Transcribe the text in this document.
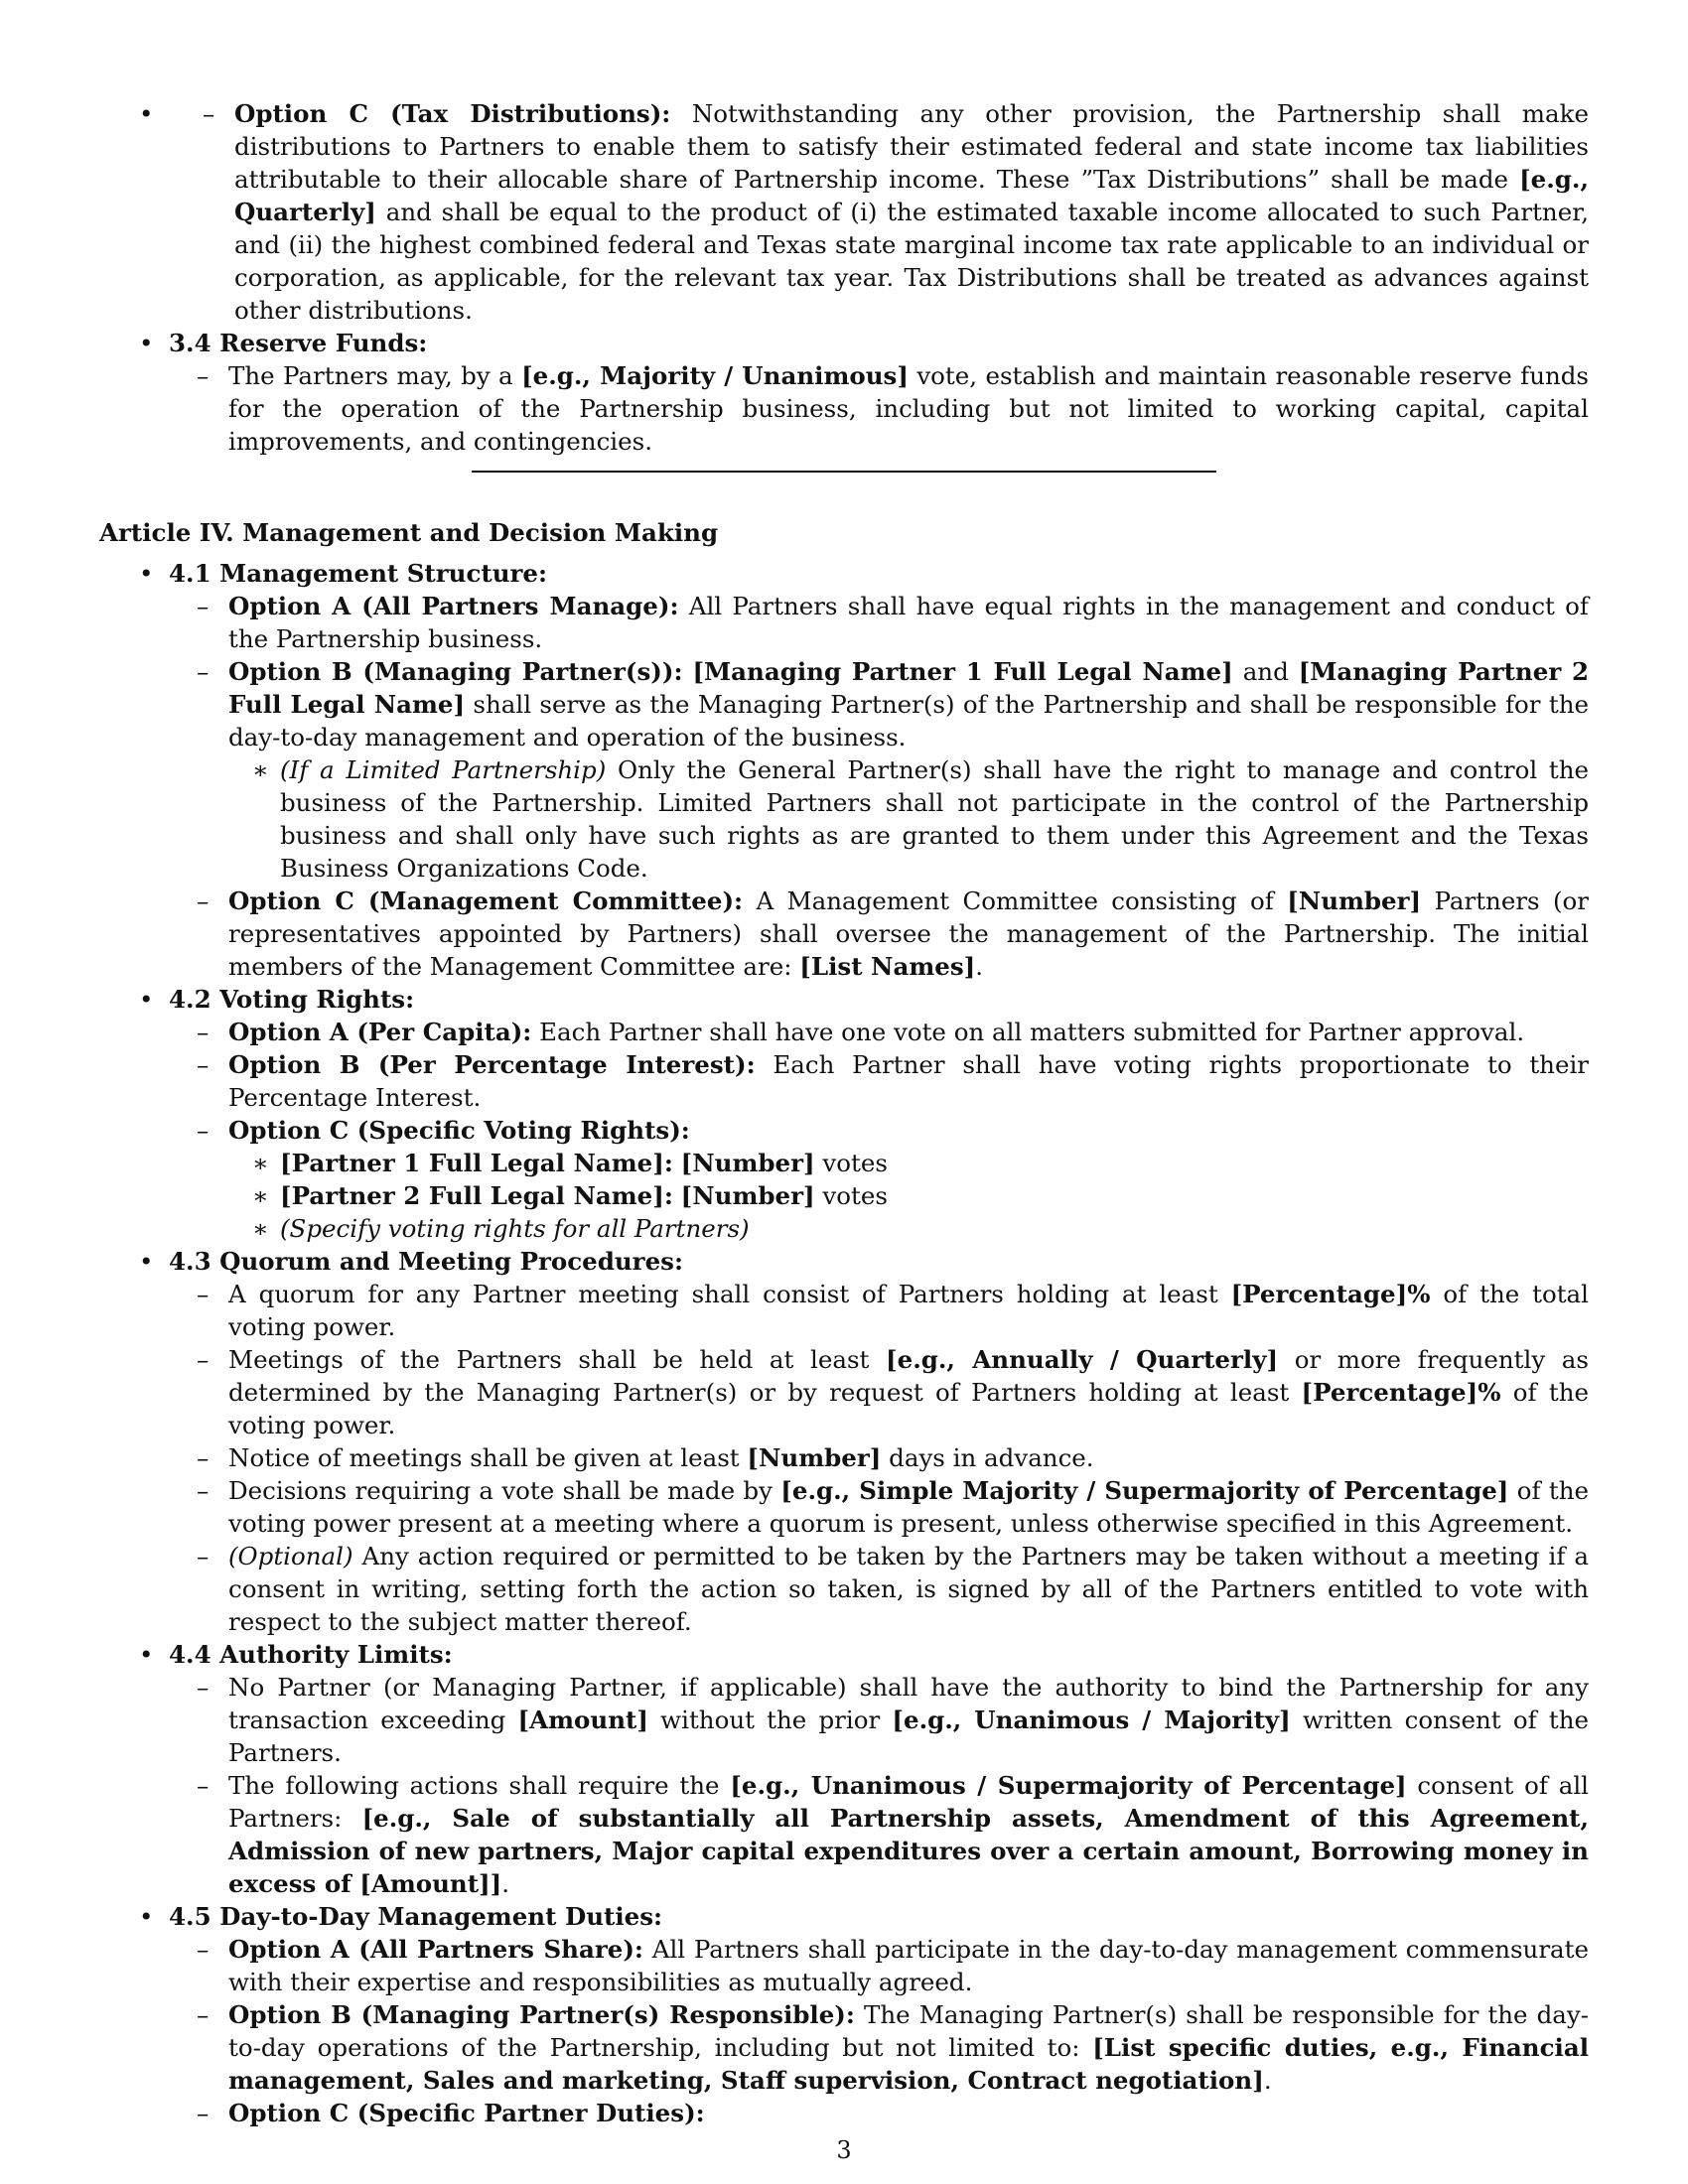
– • Option C (Tax Distributions): Notwithstanding any other provision, the Partnership shall make distributions to Partners to enable them to satisfy their estimated federal and state income tax liabilities attributable to their allocable share of Partnership income. These ”Tax Distributions” shall be made [e.g., Quarterly] and shall be equal to the product of (i) the estimated taxable income allocated to such Partner, and (ii) the highest combined federal and Texas state marginal income tax rate applicable to an individual or corporation, as applicable, for the relevant tax year. Tax Distributions shall be treated as advances against other distributions.
• 3.4 Reserve Funds:
– The Partners may, by a [e.g., Majority / Unanimous] vote, establish and maintain reasonable reserve funds for the operation of the Partnership business, including but not limited to working capital, capital improvements, and contingencies.
Article IV. Management and Decision Making
• 4.1 Management Structure:
– Option A (All Partners Manage): All Partners shall have equal rights in the management and conduct of the Partnership business.
– Option B (Managing Partner(s)): [Managing Partner 1 Full Legal Name] and [Managing Partner 2 Full Legal Name] shall serve as the Managing Partner(s) of the Partnership and shall be responsible for the day-to-day management and operation of the business.
∗ (If a Limited Partnership) Only the General Partner(s) shall have the right to manage and control the business of the Partnership. Limited Partners shall not participate in the control of the Partnership business and shall only have such rights as are granted to them under this Agreement and the Texas Business Organizations Code.
– Option C (Management Committee): A Management Committee consisting of [Number] Partners (or representatives appointed by Partners) shall oversee the management of the Partnership. The initial members of the Management Committee are: [List Names].
• 4.2 Voting Rights:
– Option A (Per Capita): Each Partner shall have one vote on all matters submitted for Partner approval.
– Option B (Per Percentage Interest): Each Partner shall have voting rights proportionate to their Percentage Interest.
– Option C (Specific Voting Rights):
∗ [Partner 1 Full Legal Name]: [Number] votes
∗ [Partner 2 Full Legal Name]: [Number] votes
∗ (Specify voting rights for all Partners)
• 4.3 Quorum and Meeting Procedures:
– A quorum for any Partner meeting shall consist of Partners holding at least [Percentage]% of the total voting power.
– Meetings of the Partners shall be held at least [e.g., Annually / Quarterly] or more frequently as determined by the Managing Partner(s) or by request of Partners holding at least [Percentage]% of the voting power.
– Notice of meetings shall be given at least [Number] days in advance.
– Decisions requiring a vote shall be made by [e.g., Simple Majority / Supermajority of Percentage] of the voting power present at a meeting where a quorum is present, unless otherwise specified in this Agreement.
– (Optional) Any action required or permitted to be taken by the Partners may be taken without a meeting if a consent in writing, setting forth the action so taken, is signed by all of the Partners entitled to vote with respect to the subject matter thereof.
• 4.4 Authority Limits:
– No Partner (or Managing Partner, if applicable) shall have the authority to bind the Partnership for any transaction exceeding [Amount] without the prior [e.g., Unanimous / Majority] written consent of the Partners.
– The following actions shall require the [e.g., Unanimous / Supermajority of Percentage] consent of all Partners: [e.g., Sale of substantially all Partnership assets, Amendment of this Agreement, Admission of new partners, Major capital expenditures over a certain amount, Borrowing money in excess of [Amount]].
• 4.5 Day-to-Day Management Duties:
– Option A (All Partners Share): All Partners shall participate in the day-to-day management commensurate with their expertise and responsibilities as mutually agreed.
– Option B (Managing Partner(s) Responsible): The Managing Partner(s) shall be responsible for the day-to-day operations of the Partnership, including but not limited to: [List specific duties, e.g., Financial management, Sales and marketing, Staff supervision, Contract negotiation].
– Option C (Specific Partner Duties):
3
